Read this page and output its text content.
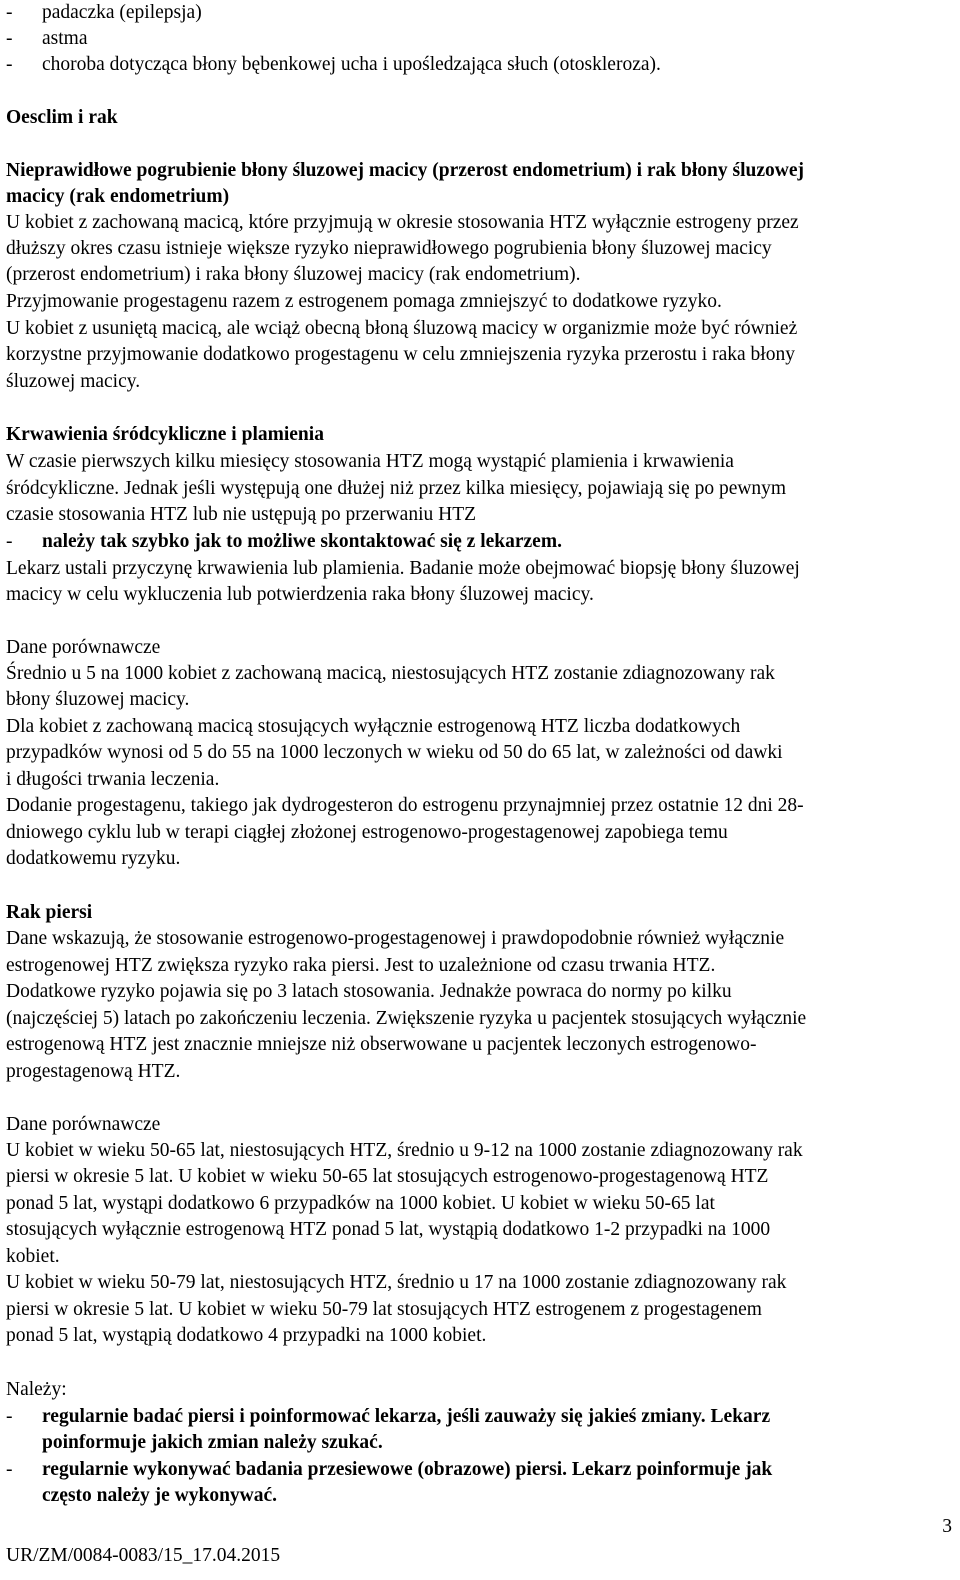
- padaczka (epilepsja)
- astma
- choroba dotycząca błony bębenkowej ucha i upośledzająca słuch (otoskleroza).
Oesclim i rak
Nieprawidłowe pogrubienie błony śluzowej macicy (przerost endometrium) i rak błony śluzowej
macicy (rak endometrium)
U kobiet z zachowaną macicą, które przyjmują w okresie stosowania HTZ wyłącznie estrogeny przez
dłuższy okres czasu istnieje większe ryzyko nieprawidłowego pogrubienia błony śluzowej macicy
(przerost endometrium) i raka błony śluzowej macicy (rak endometrium).
Przyjmowanie progestagenu razem z estrogenem pomaga zmniejszyć to dodatkowe ryzyko.
U kobiet z usuniętą macicą, ale wciąż obecną błoną śluzową macicy w organizmie może być również
korzystne przyjmowanie dodatkowo progestagenu w celu zmniejszenia ryzyka przerostu i raka błony
śluzowej macicy.
Krwawienia śródcykliczne i plamienia
W czasie pierwszych kilku miesięcy stosowania HTZ mogą wystąpić plamienia i krwawienia
śródcykliczne. Jednak jeśli występują one dłużej niż przez kilka miesięcy, pojawiają się po pewnym
czasie stosowania HTZ lub nie ustępują po przerwaniu HTZ
- należy tak szybko jak to możliwe skontaktować się z lekarzem.
Lekarz ustali przyczynę krwawienia lub plamienia. Badanie może obejmować biopsję błony śluzowej
macicy w celu wykluczenia lub potwierdzenia raka błony śluzowej macicy.
Dane porównawcze
Średnio u 5 na 1000 kobiet z zachowaną macicą, niestosujących HTZ zostanie zdiagnozowany rak
błony śluzowej macicy.
Dla kobiet z zachowaną macicą stosujących wyłącznie estrogenową HTZ liczba dodatkowych
przypadków wynosi od 5 do 55 na 1000 leczonych w wieku od 50 do 65 lat, w zależności od dawki
i długości trwania leczenia.
Dodanie progestagenu, takiego jak dydrogesteron do estrogenu przynajmniej przez ostatnie 12 dni 28-
dniowego cyklu lub w terapi ciągłej złożonej estrogenowo-progestagenowej zapobiega temu
dodatkowemu ryzyku.
Rak piersi
Dane wskazują, że stosowanie estrogenowo-progestagenowej i prawdopodobnie również wyłącznie
estrogenowej HTZ zwiększa ryzyko raka piersi. Jest to uzależnione od czasu trwania HTZ.
Dodatkowe ryzyko pojawia się po 3 latach stosowania. Jednakże powraca do normy po kilku
(najczęściej 5) latach po zakończeniu leczenia. Zwiększenie ryzyka u pacjentek stosujących wyłącznie
estrogenową HTZ jest znacznie mniejsze niż obserwowane u pacjentek leczonych estrogenowo-
progestagenową HTZ.
Dane porównawcze
U kobiet w wieku 50-65 lat, niestosujących HTZ, średnio u 9-12 na 1000 zostanie zdiagnozowany rak
piersi w okresie 5 lat. U kobiet w wieku 50-65 lat stosujących estrogenowo-progestagenową HTZ
ponad 5 lat, wystąpi dodatkowo 6 przypadków na 1000 kobiet. U kobiet w wieku 50-65 lat
stosujących wyłącznie estrogenową HTZ ponad 5 lat, wystąpią dodatkowo 1-2 przypadki na 1000
kobiet.
U kobiet w wieku 50-79 lat, niestosujących HTZ, średnio u 17 na 1000 zostanie zdiagnozowany rak
piersi w okresie 5 lat. U kobiet w wieku 50-79 lat stosujących HTZ estrogenem z progestagenem
ponad 5 lat, wystąpią dodatkowo 4 przypadki na 1000 kobiet.
Należy:
- regularnie badać piersi i poinformować lekarza, jeśli zauważy się jakieś zmiany. Lekarz
poinformuje jakich zmian należy szukać.
- regularnie wykonywać badania przesiewowe (obrazowe) piersi. Lekarz poinformuje jak
często należy je wykonywać.
3
UR/ZM/0084-0083/15_17.04.2015
